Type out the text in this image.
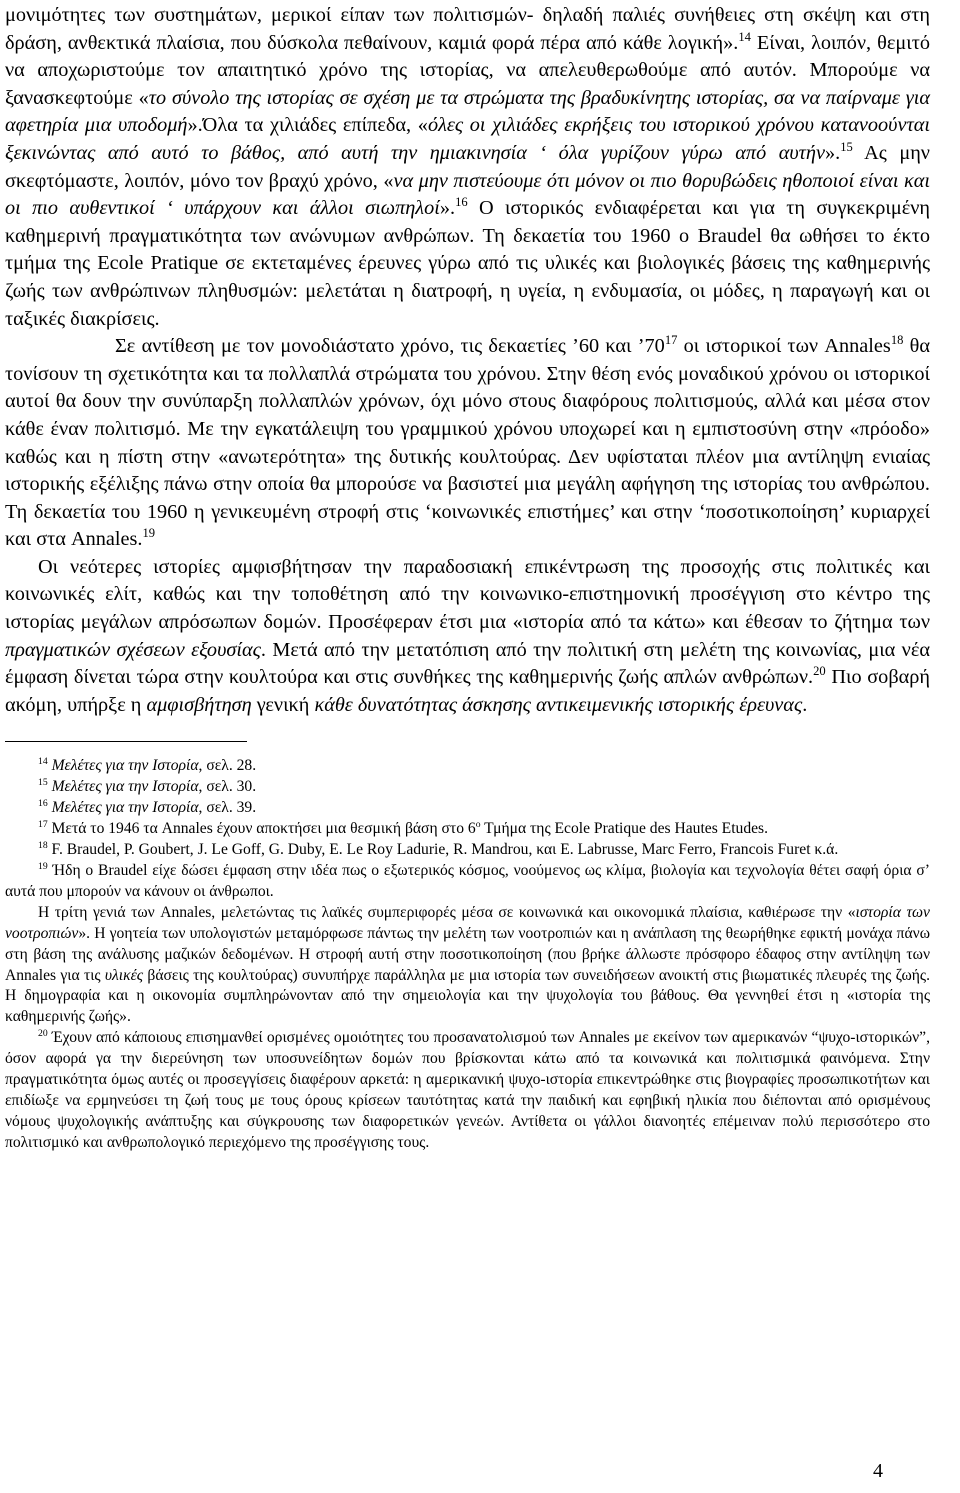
μονιμότητες των συστημάτων, μερικοί είπαν των πολιτισμών- δηλαδή παλιές συνήθειες στη σκέψη και στη δράση, ανθεκτικά πλαίσια, που δύσκολα πεθαίνουν, καμιά φορά πέρα από κάθε λογική».$^{14}$ Είναι, λοιπόν, θεμιτό να αποχωριστούμε τον απαιτητικό χρόνο της ιστορίας, να απελευθερωθούμε από αυτόν. Μπορούμε να ξανασκεφτούμε «το σύνολο της ιστορίας σε σχέση με τα στρώματα της βραδυκίνητης ιστορίας, σα να παίρναμε για αφετηρία μια υποδομή».Όλα τα χιλιάδες επίπεδα, «όλες οι χιλιάδες εκρήξεις του ιστορικού χρόνου κατανοούνται ξεκινώντας από αυτό το βάθος, από αυτή την ημιακινησία ‘ όλα γυρίζουν γύρω από αυτήν».$^{15}$ Ας μην σκεφτόμαστε, λοιπόν, μόνο τον βραχύ χρόνο, «να μην πιστεύουμε ότι μόνον οι πιο θορυβώδεις ηθοποιοί είναι και οι πιο αυθεντικοί ‘ υπάρχουν και άλλοι σιωπηλοί».$^{16}$ Ο ιστορικός ενδιαφέρεται και για τη συγκεκριμένη καθημερινή πραγματικότητα των ανώνυμων ανθρώπων. Τη δεκαετία του 1960 ο Braudel θα ωθήσει το έκτο τμήμα της Ecole Pratique σε εκτεταμένες έρευνες γύρω από τις υλικές και βιολογικές βάσεις της καθημερινής ζωής των ανθρώπινων πληθυσμών: μελετάται η διατροφή, η υγεία, η ενδυμασία, οι μόδες, η παραγωγή και οι ταξικές διακρίσεις.

Σε αντίθεση με τον μονοδιάστατο χρόνο, τις δεκαετίες ’60 και $’70^{17}$ οι ιστορικοί των Annales$^{18}$ θα τονίσουν τη σχετικότητα και τα πολλαπλά στρώματα του χρόνου. Στην θέση ενός μοναδικού χρόνου οι ιστορικοί αυτοί θα δουν την συνύπαρξη πολλαπλών χρόνων, όχι μόνο στους διαφόρους πολιτισμούς, αλλά και μέσα στον κάθε έναν πολιτισμό. Με την εγκατάλειψη του γραμμικού χρόνου υποχωρεί και η εμπιστοσύνη στην «πρόοδο» καθώς και η πίστη στην «ανωτερότητα» της δυτικής κουλτούρας. Δεν υφίσταται πλέον μια αντίληψη ενιαίας ιστορικής εξέλιξης πάνω στην οποία θα μπορούσε να βασιστεί μια μεγάλη αφήγηση της ιστορίας του ανθρώπου. Τη δεκαετία του 1960 η γενικευμένη στροφή στις ‘κοινωνικές επιστήμες’ και στην ‘ποσοτικοποίηση’ κυριαρχεί και στα Annales.$^{19}$

Οι νεότερες ιστορίες αμφισβήτησαν την παραδοσιακή επικέντρωση της προσοχής στις πολιτικές και κοινωνικές ελίτ, καθώς και την τοποθέτηση από την κοινωνικο-επιστημονική προσέγγιση στο κέντρο της ιστορίας μεγάλων απρόσωπων δομών. Προσέφεραν έτσι μια «ιστορία από τα κάτω» και έθεσαν το ζήτημα των πραγματικών σχέσεων εξουσίας. Μετά από την μετατόπιση από την πολιτική στη μελέτη της κοινωνίας, μια νέα έμφαση δίνεται τώρα στην κουλτούρα και στις συνθήκες της καθημερινής ζωής απλών ανθρώπων.$^{20}$ Πιο σοβαρή ακόμη, υπήρξε η αμφισβήτηση γενική κάθε δυνατότητας άσκησης αντικειμενικής ιστορικής έρευνας.

$^{14}$ Μελέτες για την Ιστορία, σελ. 28.

$^{15}$ Μελέτες για την Ιστορία, σελ. 30.

$^{16}$ Μελέτες για την Ιστορία, σελ. 39.

$^{17}$ Μετά το 1946 τα Annales έχουν αποκτήσει μια θεσμική βάση στο $6^o$ Τμήμα της Ecole Pratique des Hautes Etudes.

$^{18}$ F. Braudel, P. Goubert, J. Le Goff, G. Duby, E. Le Roy Ladurie, R. Mandrou, και E. Labrusse, Marc Ferro, Francois Furet κ.ά.

$^{19}$ Ήδη ο Braudel είχε δώσει έμφαση στην ιδέα πως ο εξωτερικός κόσμος, νοούμενος ως κλίμα, βιολογία και τεχνολογία θέτει σαφή όρια σ’ αυτά που μπορούν να κάνουν οι άνθρωποι.

Η τρίτη γενιά των Annales, μελετώντας τις λαϊκές συμπεριφορές μέσα σε κοινωνικά και οικονομικά πλαίσια, καθιέρωσε την «ιστορία των νοοτροπιών». Η γοητεία των υπολογιστών μεταμόρφωσε πάντως την μελέτη των νοοτροπιών και η ανάπλαση της θεωρήθηκε εφικτή μονάχα πάνω στη βάση της ανάλυσης μαζικών δεδομένων. Η στροφή αυτή στην ποσοτικοποίηση (που βρήκε άλλωστε πρόσφορο έδαφος στην αντίληψη των Annales για τις υλικές βάσεις της κουλτούρας) συνυπήρχε παράλληλα με μια ιστορία των συνειδήσεων ανοικτή στις βιωματικές πλευρές της ζωής. Η δημογραφία και η οικονομία συμπληρώνονταν από την σημειολογία και την ψυχολογία του βάθους. Θα γεννηθεί έτσι η «ιστορία της καθημερινής ζωής».

$^{20}$ Έχουν από κάποιους επισημανθεί ορισμένες ομοιότητες του προσανατολισμού των Annales με εκείνον των αμερικανών “ψυχο-ιστορικών”, όσον αφορά γα την διερεύνηση των υποσυνείδητων δομών που βρίσκονται κάτω από τα κοινωνικά και πολιτισμικά φαινόμενα. Στην πραγματικότητα όμως αυτές οι προσεγγίσεις διαφέρουν αρκετά: η αμερικανική ψυχο-ιστορία επικεντρώθηκε στις βιογραφίες προσωπικοτήτων και επιδίωξε να ερμηνεύσει τη ζωή τους με τους όρους κρίσεων ταυτότητας κατά την παιδική και εφηβική ηλικία που διέπονται από ορισμένους νόμους ψυχολογικής ανάπτυξης και σύγκρουσης των διαφορετικών γενεών. Αντίθετα οι γάλλοι διανοητές επέμειναν πολύ περισσότερο στο πολιτισμικό και ανθρωπολογικό περιεχόμενο της προσέγγισης τους.

4
